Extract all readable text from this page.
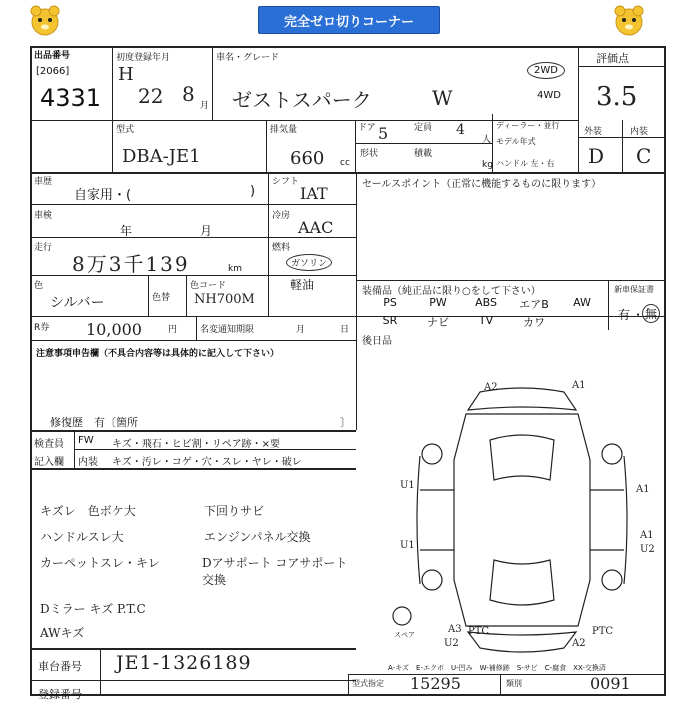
完全ゼロ切りコーナー
出品番号
[2066]
4331
初度登録年月
H
22 8 月
車名・グレード
ゼストスパーク	W
2WD
4WD
評価点
3.5
外装	内装
D C
型式
DBA-JE1
排気量
660 cc
ドア 5	定員 4
人
形状	積載
kg
ディーラー・並行
モデル年式
ハンドル 左・右
車歴
自家用・(	)
シフト
IAT
車検
年	月
冷房
AAC
走行
8万3千139	km
燃料
ガソリン
軽油
色
シルバー	色替
色コード
NH700M
R券 10,000	円	名変通知期限	月	日
セールスポイント（正常に機能するものに限ります）
装備品（純正品に限り○をして下さい）
PS	PW	ABS	エアB	AW
SR	ナビ	TV	カワ
新車保証書
有 ・ 無
後日品
注意事項申告欄（不具合内容等は具体的に記入して下さい）
修復歴　有〔箇所	〕
検査員
記入欄
FW キズ・飛石・ヒビ割・リペア跡・×要
内装 キズ・汚レ・コゲ・穴・スレ・ヤレ・破レ
キズレ　色ボケ大
ハンドルスレ大
カーペットスレ・キレ
Dミラー キズ P.T.C
AWキズ
下回りサビ
エンジンパネル交換
Dアサポート コアサポート交換
A2	A1
U1	A1
U1
A1
U2
A3 PTC
U2	A2
PTC
スペア
A-キズ　E-エクボ　U-凹み　W-補修跡　S-サビ　C-腐食　XX-交換済
車台番号 JE1-1326189
登録番号
型式指定 15295	類別	0091
